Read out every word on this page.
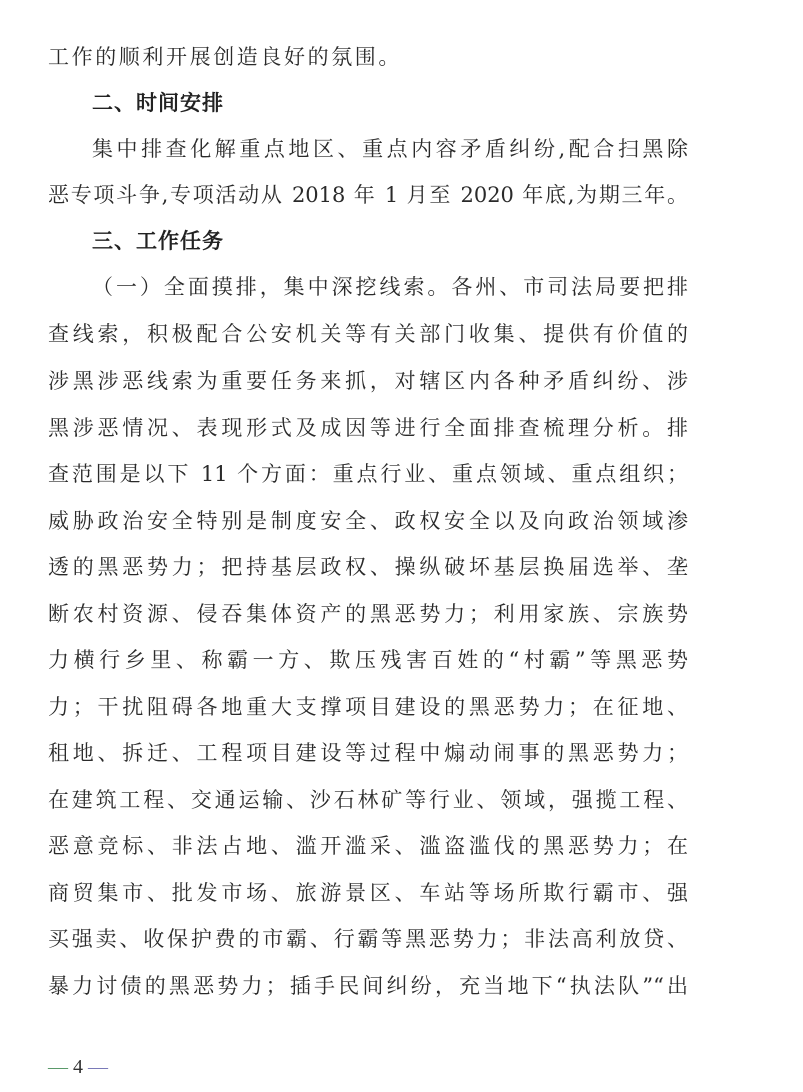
工作的顺利开展创造良好的氛围。
二、时间安排
集中排查化解重点地区、重点内容矛盾纠纷,配合扫黑除
恶专项斗争,专项活动从 2018 年 1 月至 2020 年底,为期三年。
三、工作任务
（一）全面摸排，集中深挖线索。各州、市司法局要把排
查线索，积极配合公安机关等有关部门收集、提供有价值的
涉黑涉恶线索为重要任务来抓，对辖区内各种矛盾纠纷、涉
黑涉恶情况、表现形式及成因等进行全面排查梳理分析。排
查范围是以下 11 个方面：重点行业、重点领域、重点组织；
威胁政治安全特别是制度安全、政权安全以及向政治领域渗
透的黑恶势力；把持基层政权、操纵破坏基层换届选举、垄
断农村资源、侵吞集体资产的黑恶势力；利用家族、宗族势
力横行乡里、称霸一方、欺压残害百姓的“村霸”等黑恶势
力；干扰阻碍各地重大支撑项目建设的黑恶势力；在征地、
租地、拆迁、工程项目建设等过程中煽动闹事的黑恶势力；
在建筑工程、交通运输、沙石林矿等行业、领域，强揽工程、
恶意竞标、非法占地、滥开滥采、滥盗滥伐的黑恶势力；在
商贸集市、批发市场、旅游景区、车站等场所欺行霸市、强
买强卖、收保护费的市霸、行霸等黑恶势力；非法高利放贷、
暴力讨债的黑恶势力；插手民间纠纷，充当地下“执法队”“出
— 4 —
